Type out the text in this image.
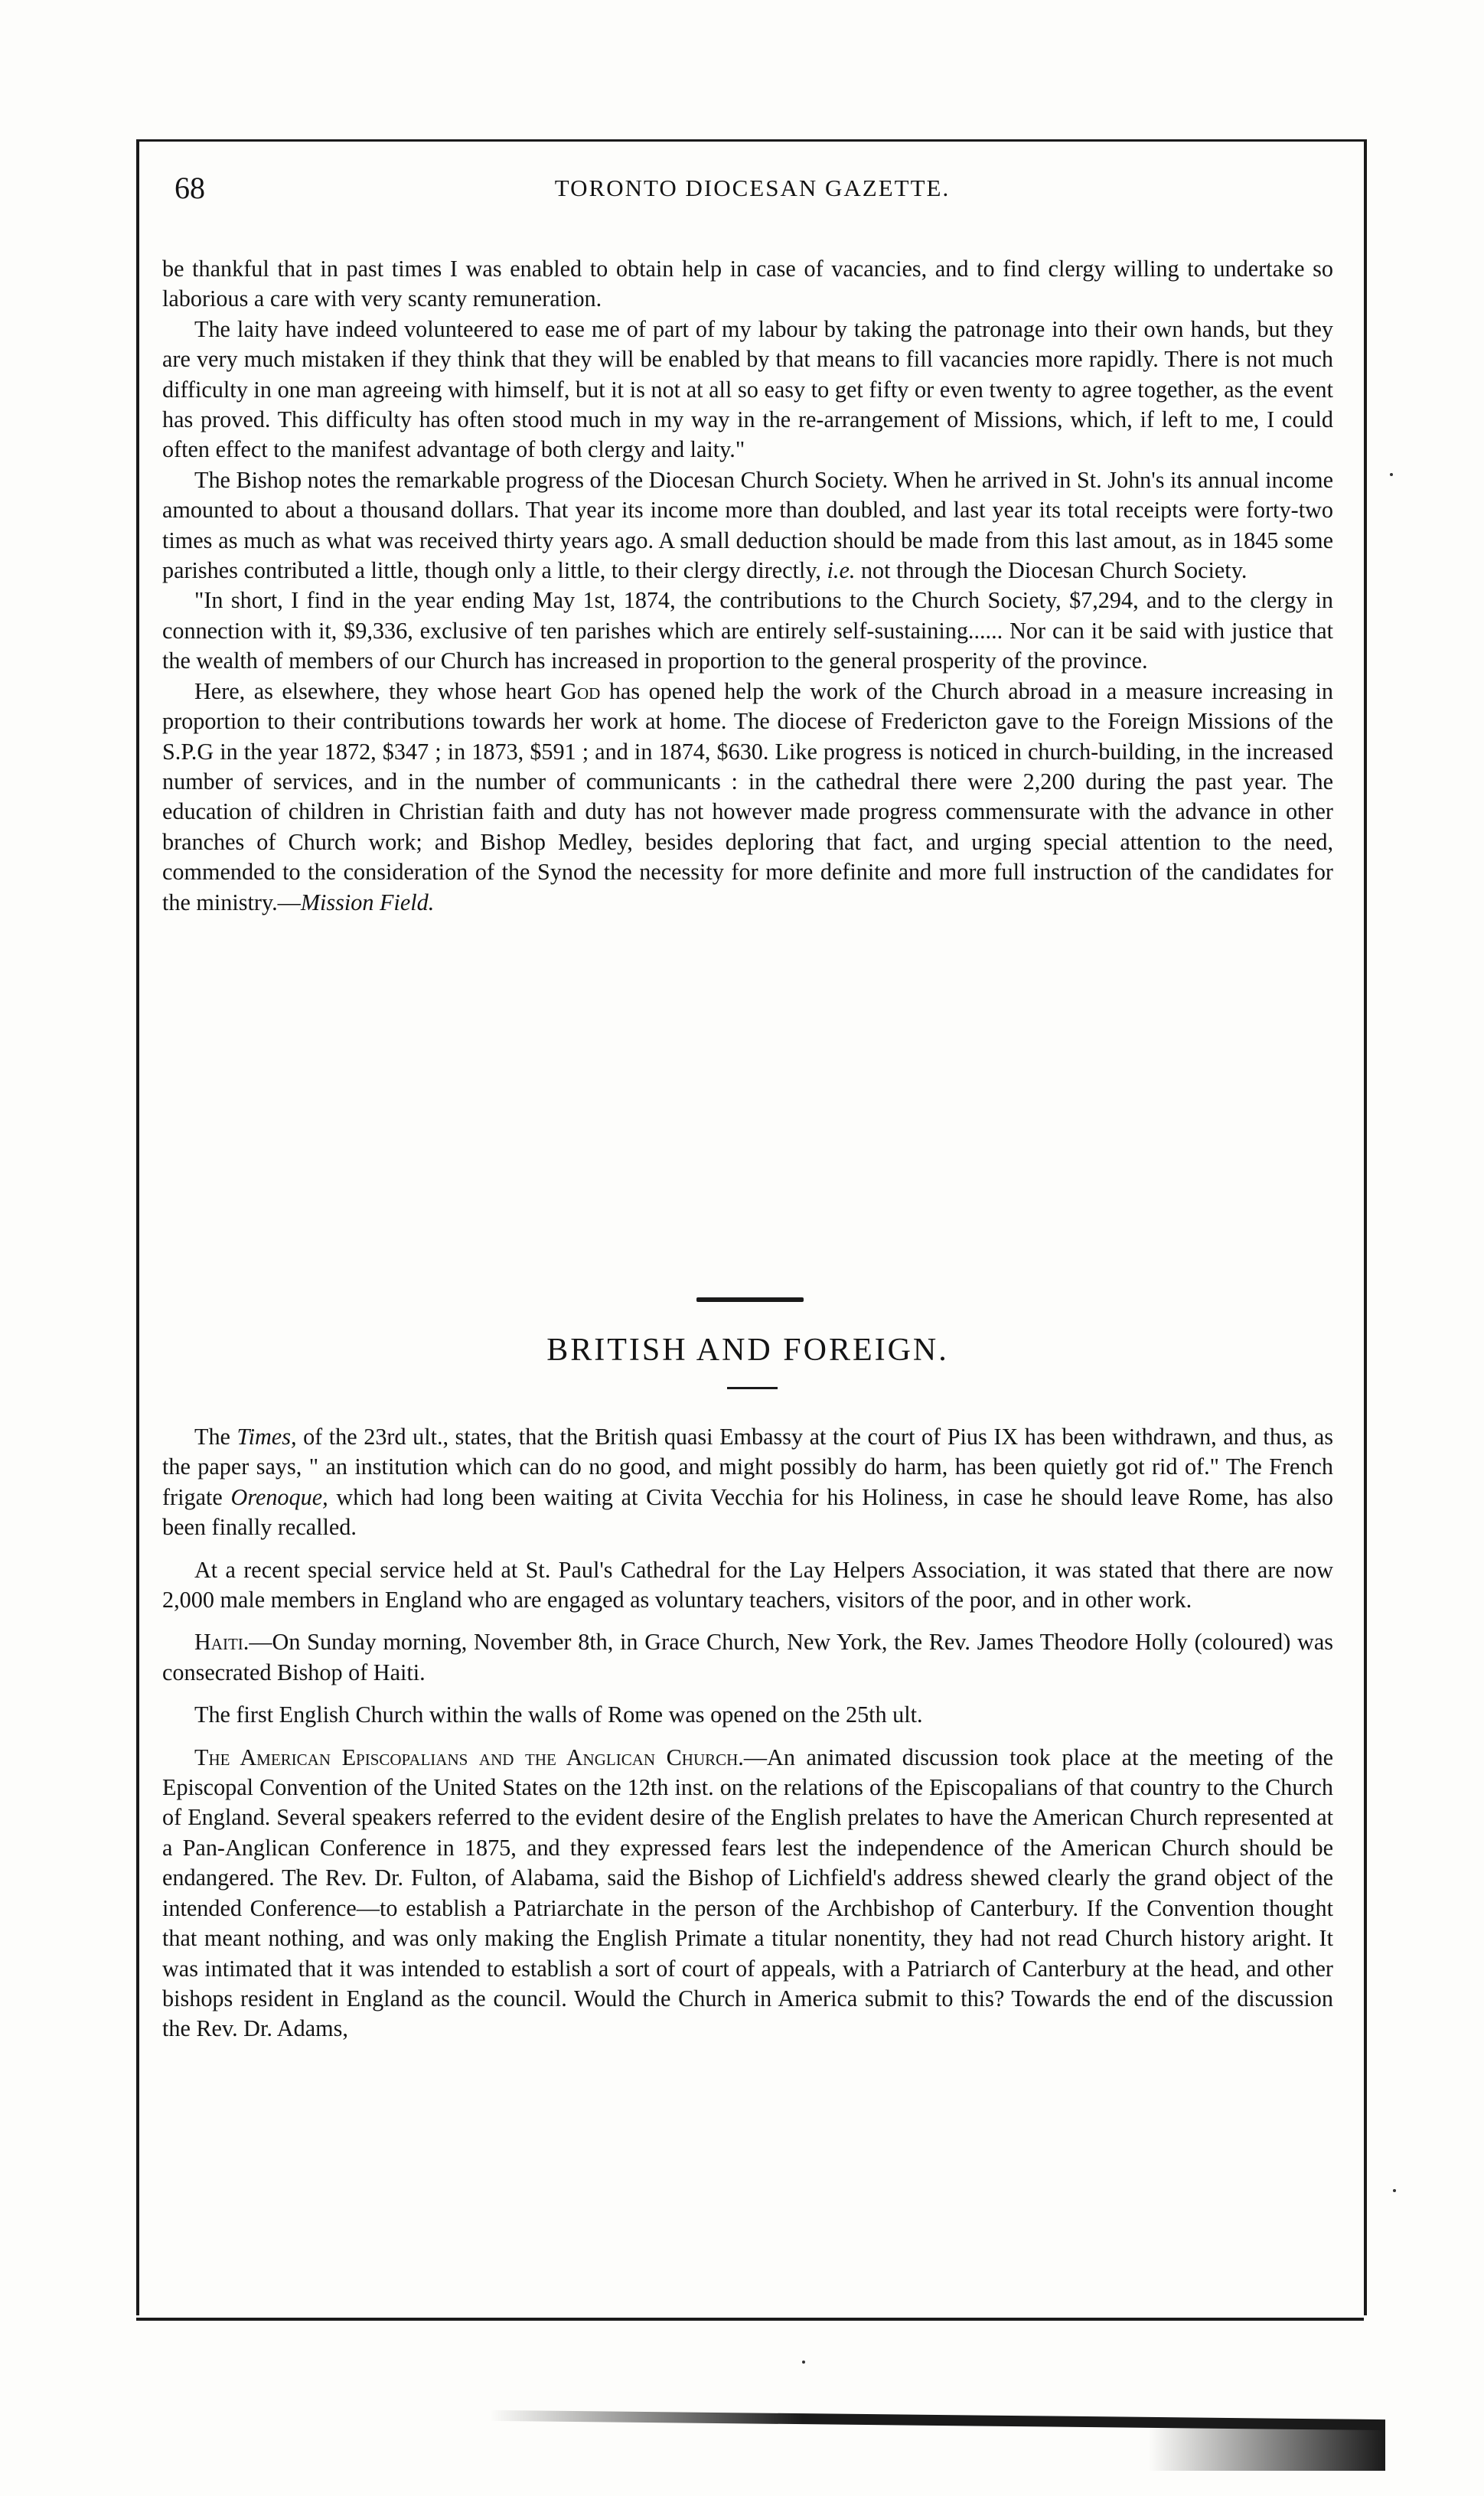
68	TORONTO DIOCESAN GAZETTE.

be thankful that in past times I was enabled to obtain help in case of vacancies, and to find clergy willing to undertake so laborious a care with very scanty remuneration.

The laity have indeed volunteered to ease me of part of my labour by taking the patronage into their own hands, but they are very much mistaken if they think that they will be enabled by that means to fill vacancies more rapidly. There is not much difficulty in one man agreeing with himself, but it is not at all so easy to get fifty or even twenty to agree together, as the event has proved. This difficulty has often stood much in my way in the re-arrangement of Missions, which, if left to me, I could often effect to the manifest advantage of both clergy and laity."

The Bishop notes the remarkable progress of the Diocesan Church Society. When he arrived in St. John's its annual income amounted to about a thousand dollars. That year its income more than doubled, and last year its total receipts were forty-two times as much as what was received thirty years ago. A small deduction should be made from this last amout, as in 1845 some parishes contributed a little, though only a little, to their clergy directly, i.e. not through the Diocesan Church Society.

"In short, I find in the year ending May 1st, 1874, the contributions to the Church Society, $7,294, and to the clergy in connection with it, $9,336, exclusive of ten parishes which are entirely self-sustaining...... Nor can it be said with justice that the wealth of members of our Church has increased in proportion to the general prosperity of the province.

Here, as elsewhere, they whose heart God has opened help the work of the Church abroad in a measure increasing in proportion to their contributions towards her work at home. The diocese of Fredericton gave to the Foreign Missions of the S.P.G in the year 1872, $347 ; in 1873, $591 ; and in 1874, $630. Like progress is noticed in church-building, in the increased number of services, and in the number of communicants : in the cathedral there were 2,200 during the past year. The education of children in Christian faith and duty has not however made progress commensurate with the advance in other branches of Church work; and Bishop Medley, besides deploring that fact, and urging special attention to the need, commended to the consideration of the Synod the necessity for more definite and more full instruction of the candidates for the ministry.—Mission Field.

BRITISH AND FOREIGN.

The Times, of the 23rd ult., states, that the British quasi Embassy at the court of Pius IX has been withdrawn, and thus, as the paper says, " an institution which can do no good, and might possibly do harm, has been quietly got rid of." The French frigate Orenoque, which had long been waiting at Civita Vecchia for his Holiness, in case he should leave Rome, has also been finally recalled.

At a recent special service held at St. Paul's Cathedral for the Lay Helpers Association, it was stated that there are now 2,000 male members in England who are engaged as voluntary teachers, visitors of the poor, and in other work.

Haiti.—On Sunday morning, November 8th, in Grace Church, New York, the Rev. James Theodore Holly (coloured) was consecrated Bishop of Haiti.

The first English Church within the walls of Rome was opened on the 25th ult.

The American Episcopalians and the Anglican Church.—An animated discussion took place at the meeting of the Episcopal Convention of the United States on the 12th inst. on the relations of the Episcopalians of that country to the Church of England. Several speakers referred to the evident desire of the English prelates to have the American Church represented at a Pan-Anglican Conference in 1875, and they expressed fears lest the independence of the American Church should be endangered. The Rev. Dr. Fulton, of Alabama, said the Bishop of Lichfield's address shewed clearly the grand object of the intended Conference—to establish a Patriarchate in the person of the Archbishop of Canterbury. If the Convention thought that meant nothing, and was only making the English Primate a titular nonentity, they had not read Church history aright. It was intimated that it was intended to establish a sort of court of appeals, with a Patriarch of Canterbury at the head, and other bishops resident in England as the council. Would the Church in America submit to this? Towards the end of the discussion the Rev. Dr. Adams,
